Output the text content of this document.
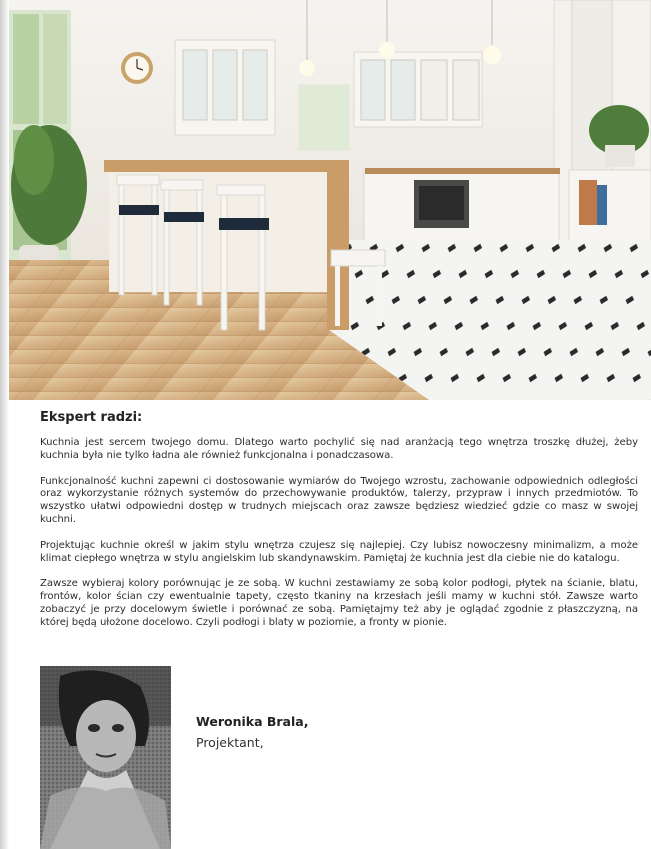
Ekspert radzi:

Kuchnia jest sercem twojego domu. Dlatego warto pochylić się nad aranżacją tego wnętrza troszkę dłużej, żeby kuchnia była nie tylko ładna ale również funkcjonalna i ponadczasowa.

Funkcjonalność kuchni zapewni ci dostosowanie wymiarów do Twojego wzrostu, zachowanie odpowiednich odległości oraz wykorzystanie różnych systemów do przechowywanie produktów, talerzy, przypraw i innych przedmiotów. To wszystko ułatwi odpowiedni dostęp w trudnych miejscach oraz zawsze będziesz wiedzieć gdzie co masz w swojej kuchni.

Projektując kuchnie określ w jakim stylu wnętrza czujesz się najlepiej. Czy lubisz nowoczesny minimalizm, a może klimat ciepłego wnętrza w stylu angielskim lub skandynawskim. Pamiętaj że kuchnia jest dla ciebie nie do katalogu.

Zawsze wybieraj kolory porównując je ze sobą. W kuchni zestawiamy ze sobą kolor podłogi, płytek na ścianie, blatu, frontów, kolor ścian czy ewentualnie tapety, często tkaniny na krzesłach jeśli mamy w kuchni stół. Zawsze warto zobaczyć je przy docelowym świetle i porównać ze sobą. Pamiętajmy też aby je oglądać zgodnie z płaszczyzną, na której będą ułożone docelowo. Czyli podłogi i blaty w poziomie, a fronty w pionie.

Weronika Brala,
Projektant,
